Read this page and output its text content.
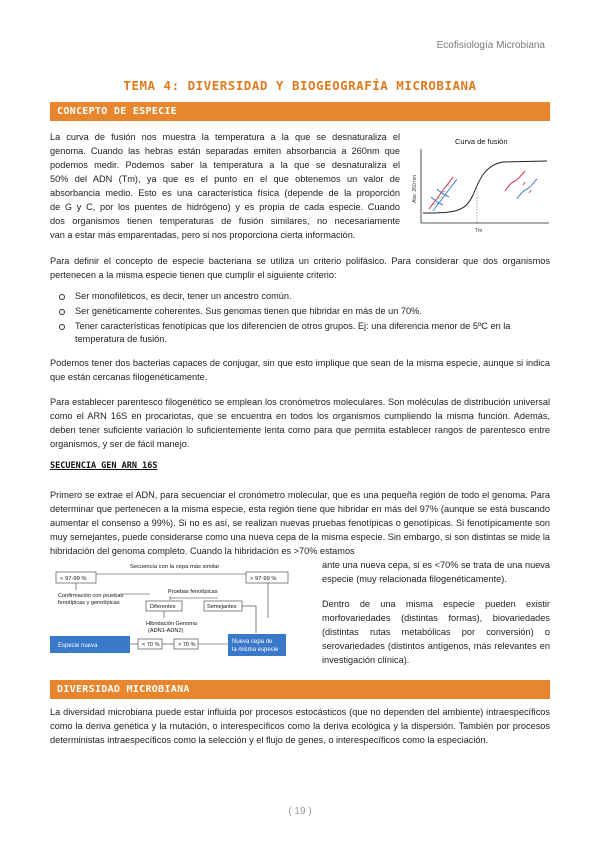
Ecofisiología Microbiana
TEMA 4: DIVERSIDAD Y BIOGEOGRAFÍA MICROBIANA
CONCEPTO DE ESPECIE
La curva de fusión nos muestra la temperatura a la que se desnaturaliza el
genoma. Cuando las hebras están separadas emiten absorbancia a 260nm que
podemos medir. Podemos saber la temperatura a la que se desnaturaliza el
50% del ADN (Tm), ya que es el punto en el que obtenemos un valor de
absorbancia medio. Esto es una característica física (depende de la proporción
de G y C, por los puentes de hidrógeno) y es propia de cada especie. Cuando
dos organismos tienen temperaturas de fusión similares, no necesariamente
van a estar más emparentadas, pero si nos proporciona cierta información.
Curva de fusión
Abs. 260 nm
Tm
Para definir el concepto de especie bacteriana se utiliza un criterio polifásico. Para considerar que dos organismos pertenecen a la misma especie tienen que cumplir el siguiente criterio:
Ser monofiléticos, es decir, tener un ancestro común.
Ser genéticamente coherentes. Sus genomas tienen que hibridar en más de un 70%.
Tener características fenotípicas que los diferencien de otros grupos. Ej: una diferencia menor de 5ºC en la temperatura de fusión.
Podemos tener dos bacterias capaces de conjugar, sin que esto implique que sean de la misma especie, aunque si indica que están cercanas filogenéticamente.
Para establecer parentesco filogenético se emplean los cronómetros moleculares. Son moléculas de distribución universal como el ARN 16S en procariotas, que se encuentra en todos los organismos cumpliendo la misma función. Además, deben tener suficiente variación lo suficientemente lenta como para que permita establecer rangos de parentesco entre organismos, y ser de fácil manejo.
SECUENCIA GEN ARN 16S
Primero se extrae el ADN, para secuenciar el cronómetro molecular, que es una pequeña región de todo el genoma. Para determinar que pertenecen a la misma especie, esta región tiene que hibridar en más del 97% (aunque se está buscando aumentar el consenso a 99%). Si no es así, se realizan nuevas pruebas fenotípicas o genotípicas. Si fenotípicamente son muy semejantes, puede considerarse como una nueva cepa de la misma especie. Sin embargo, si son distintas se mide la hibridación del genoma completo. Cuando la hibridación es >70% estamos
ante una nueva cepa, si es <70% se trata de una nueva especie (muy relacionada filogenéticamente).
Dentro de una misma especie pueden existir morfovariedades (distintas formas), biovariedades (distintas rutas metabólicas por conversión) o serovariedades (distintos antígenos, más relevantes en investigación clínica).
Secuencia con la cepa más similar
< 97-99 %	> 97-99 %
Confirmación con pruebas
fenotípicas y genotípicas
Pruebas fenotípicas
Diferentes	Semejantes
Hibridación Genoma
(ADN1-ADN2)
Especie nueva
Nueva cepa de
la misma especie
< 70 %	> 70 %
DIVERSIDAD MICROBIANA
La diversidad microbiana puede estar influida por procesos estocásticos (que no dependen del ambiente) intraespecíficos como la deriva genética y la mutación, o interespecíficos como la deriva ecológica y la dispersión. También por procesos deterministas intraespecíficos como la selección y el flujo de genes, o interespecíficos como la especiación.
( 19 )
